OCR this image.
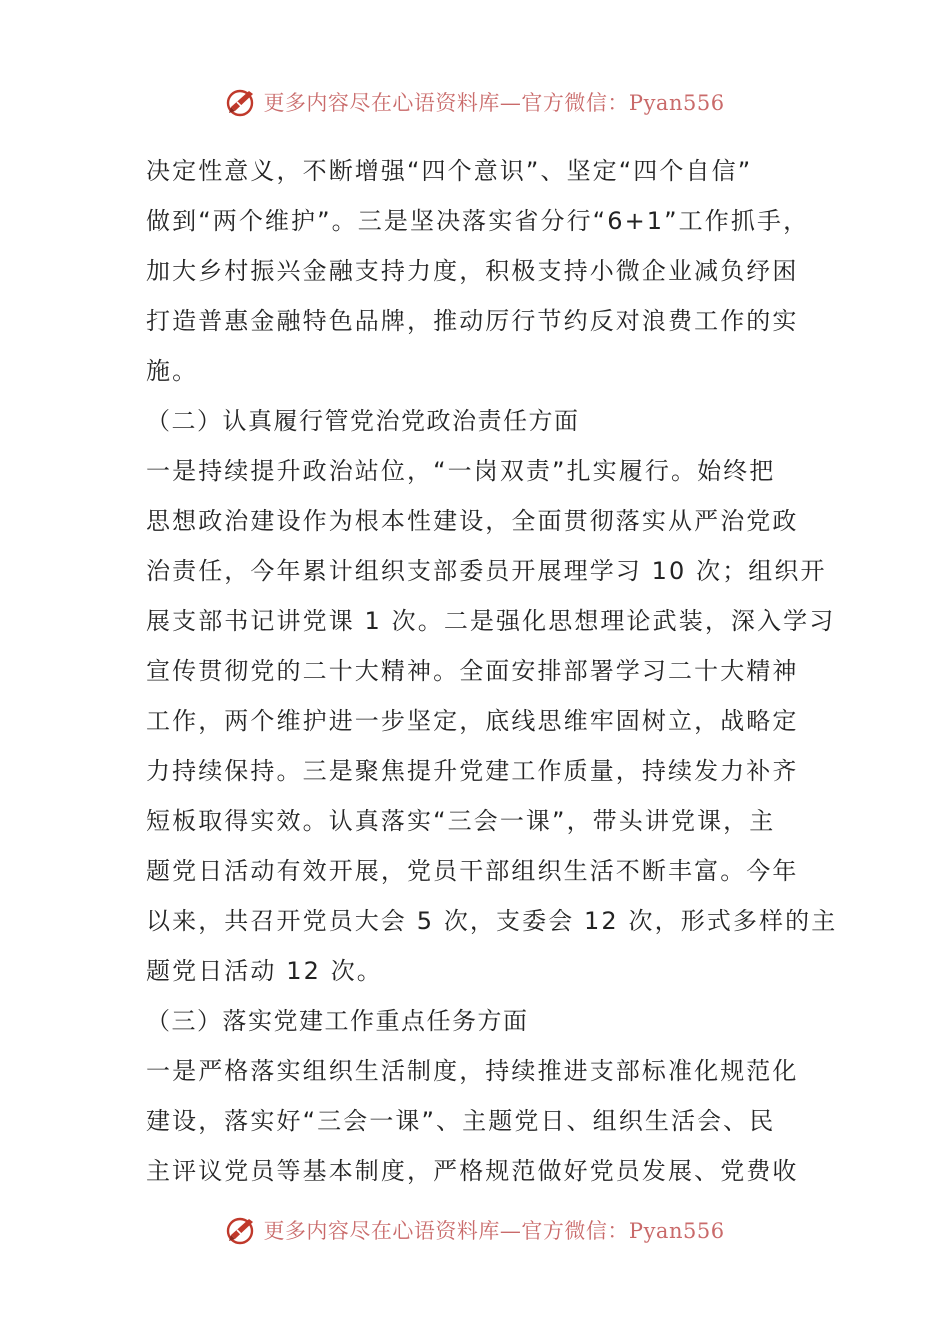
更多内容尽在心语资料库—官方微信：Pyan556
决定性意义，不断增强“四个意识”、坚定“四个自信”
做到“两个维护”。三是坚决落实省分行“6+1”工作抓手，
加大乡村振兴金融支持力度，积极支持小微企业减负纾困
打造普惠金融特色品牌，推动厉行节约反对浪费工作的实
施。
（二）认真履行管党治党政治责任方面
一是持续提升政治站位，“一岗双责”扎实履行。始终把
思想政治建设作为根本性建设，全面贯彻落实从严治党政
治责任，今年累计组织支部委员开展理学习 10 次；组织开
展支部书记讲党课 1 次。二是强化思想理论武装，深入学习
宣传贯彻党的二十大精神。全面安排部署学习二十大精神
工作，两个维护进一步坚定，底线思维牢固树立，战略定
力持续保持。三是聚焦提升党建工作质量，持续发力补齐
短板取得实效。认真落实“三会一课”，带头讲党课，主
题党日活动有效开展，党员干部组织生活不断丰富。今年
以来，共召开党员大会 5 次，支委会 12 次，形式多样的主
题党日活动 12 次。
（三）落实党建工作重点任务方面
一是严格落实组织生活制度，持续推进支部标准化规范化
建设，落实好“三会一课”、主题党日、组织生活会、民
主评议党员等基本制度，严格规范做好党员发展、党费收
更多内容尽在心语资料库—官方微信：Pyan556
